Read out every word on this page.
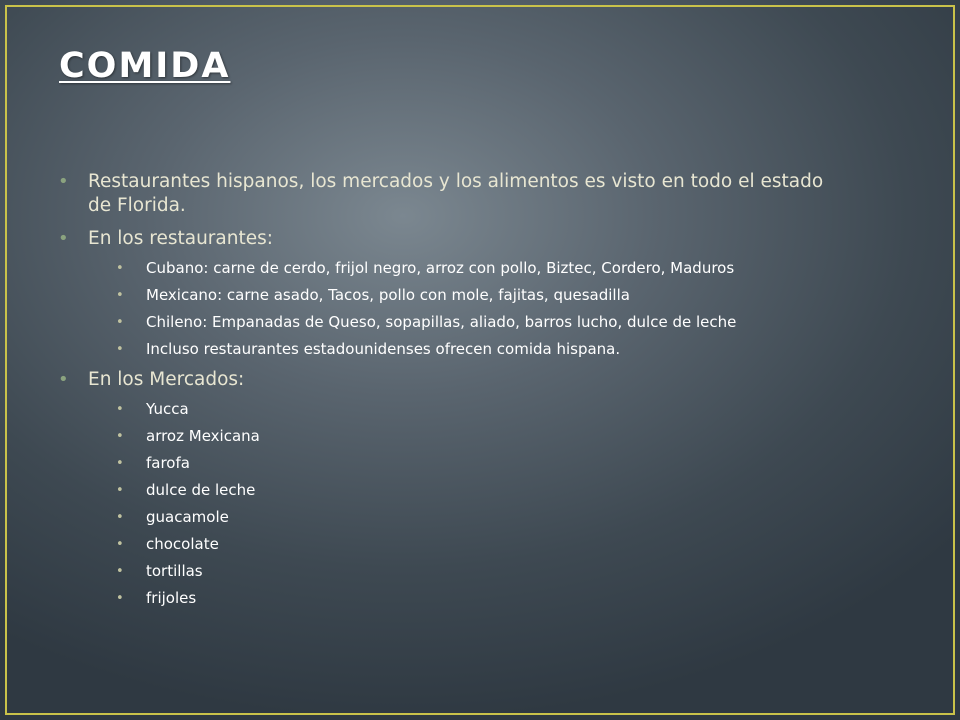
COMIDA
• Restaurantes hispanos, los mercados y los alimentos es visto en todo el estado de Florida.
• En los restaurantes:
• Cubano: carne de cerdo, frijol negro, arroz con pollo, Biztec, Cordero, Maduros
• Mexicano: carne asado, Tacos, pollo con mole, fajitas, quesadilla
• Chileno: Empanadas de Queso, sopapillas, aliado, barros lucho, dulce de leche
• Incluso restaurantes estadounidenses ofrecen comida hispana.
• En los Mercados:
• Yucca
• arroz Mexicana
• farofa
• dulce de leche
• guacamole
• chocolate
• tortillas
• frijoles
